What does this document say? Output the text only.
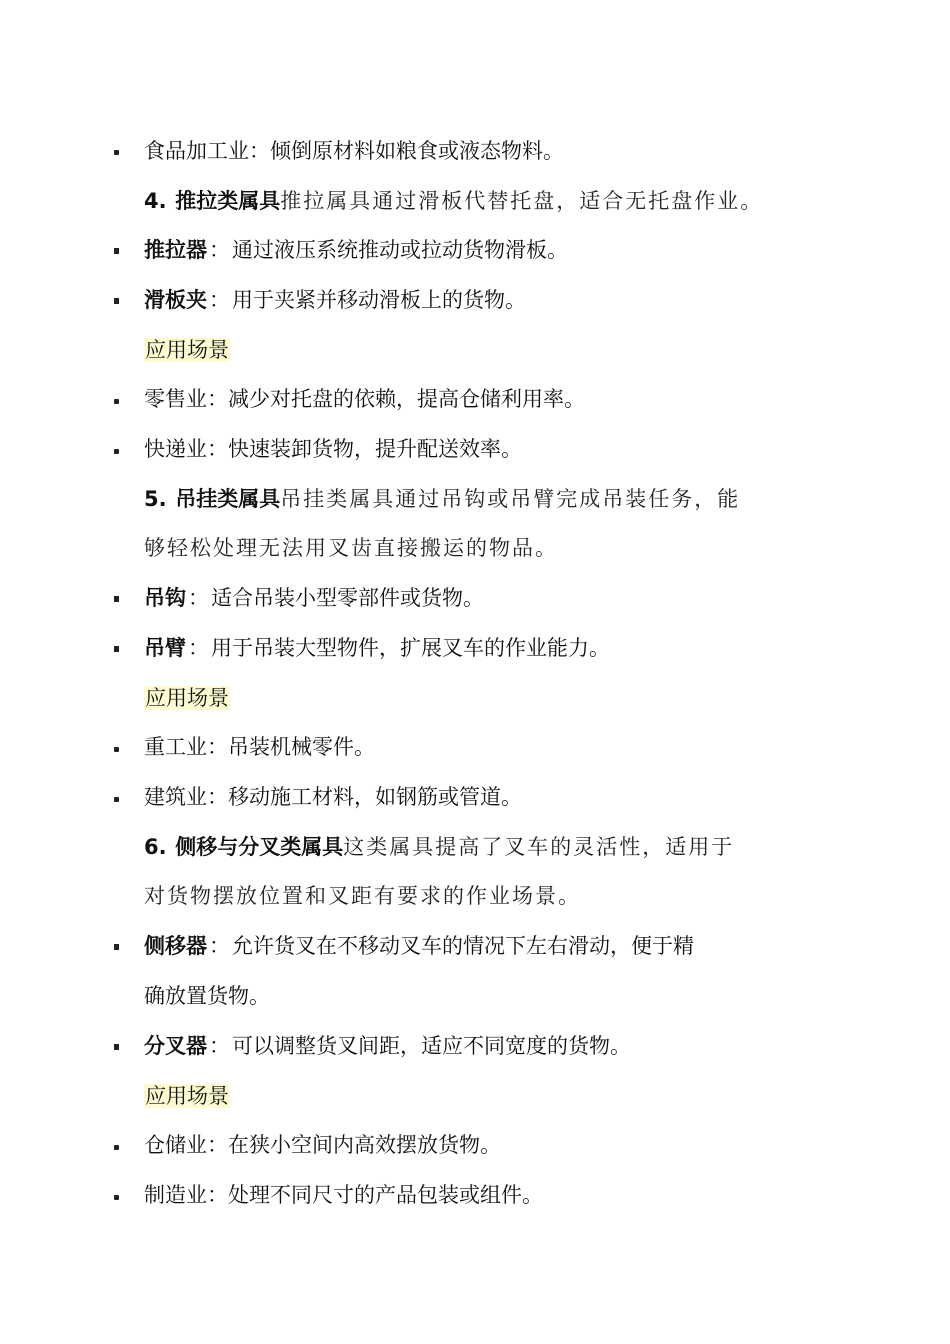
食品加工业：倾倒原材料如粮食或液态物料。
4. 推拉类属具推拉属具通过滑板代替托盘，适合无托盘作业。
推拉器：通过液压系统推动或拉动货物滑板。
滑板夹：用于夹紧并移动滑板上的货物。
应用场景
零售业：减少对托盘的依赖，提高仓储利用率。
快递业：快速装卸货物，提升配送效率。
5. 吊挂类属具吊挂类属具通过吊钩或吊臂完成吊装任务，能
够轻松处理无法用叉齿直接搬运的物品。
吊钩：适合吊装小型零部件或货物。
吊臂：用于吊装大型物件，扩展叉车的作业能力。
应用场景
重工业：吊装机械零件。
建筑业：移动施工材料，如钢筋或管道。
6. 侧移与分叉类属具这类属具提高了叉车的灵活性，适用于
对货物摆放位置和叉距有要求的作业场景。
侧移器：允许货叉在不移动叉车的情况下左右滑动，便于精
确放置货物。
分叉器：可以调整货叉间距，适应不同宽度的货物。
应用场景
仓储业：在狭小空间内高效摆放货物。
制造业：处理不同尺寸的产品包装或组件。
